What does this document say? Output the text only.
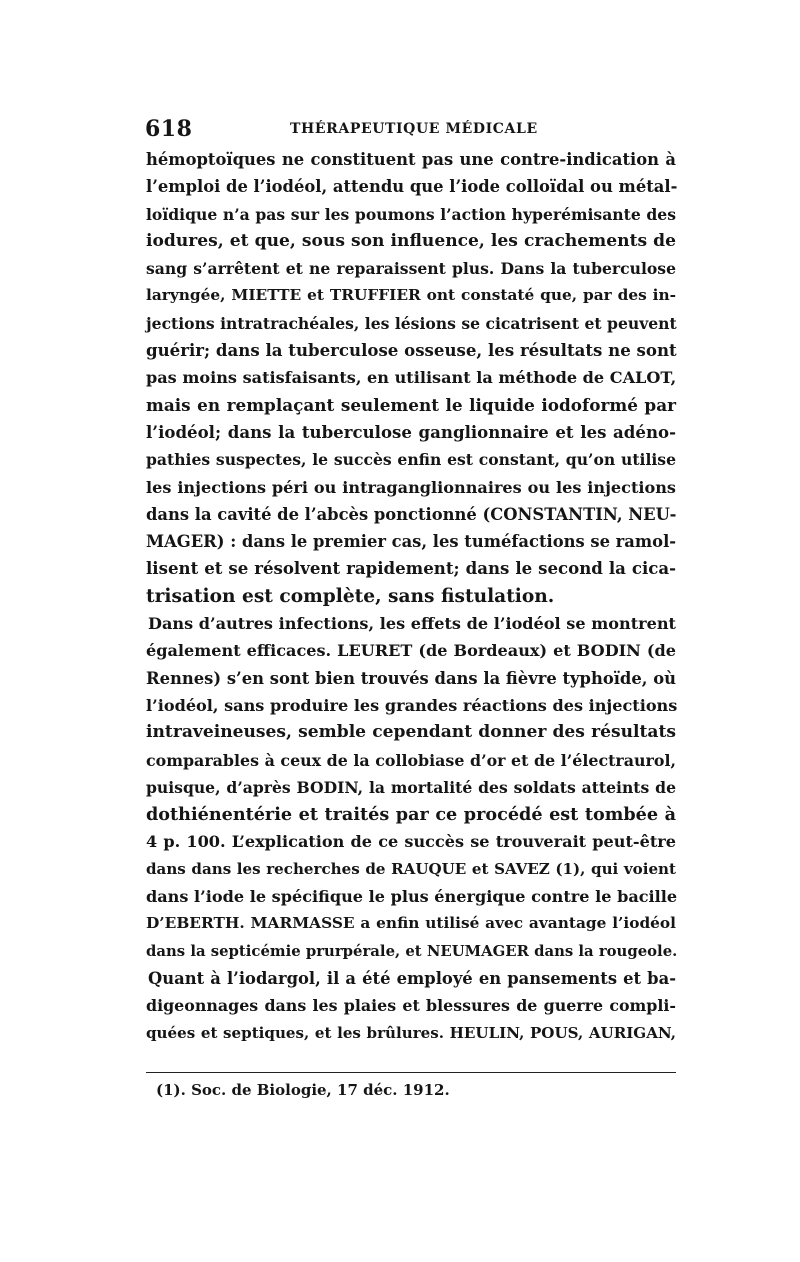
618	THÉRAPEUTIQUE MÉDICALE
hémoptoïques ne constituent pas une contre-indication à
l’emploi de l’iodéol, attendu que l’iode colloïdal ou métal-
loïdique n’a pas sur les poumons l’action hyperémisante des
iodures, et que, sous son influence, les crachements de
sang s’arrêtent et ne reparaissent plus. Dans la tuberculose
laryngée, MIETTE et TRUFFIER ont constaté que, par des in-
jections intratrachéales, les lésions se cicatrisent et peuvent
guérir; dans la tuberculose osseuse, les résultats ne sont
pas moins satisfaisants, en utilisant la méthode de CALOT,
mais en remplaçant seulement le liquide iodoformé par
l’iodéol; dans la tuberculose ganglionnaire et les adéno-
pathies suspectes, le succès enfin est constant, qu’on utilise
les injections péri ou intraganglionnaires ou les injections
dans la cavité de l’abcès ponctionné (CONSTANTIN, NEU-
MAGER) : dans le premier cas, les tuméfactions se ramol-
lisent et se résolvent rapidement; dans le second la cica-
trisation est complète, sans fistulation.
Dans d’autres infections, les effets de l’iodéol se montrent
également efficaces. LEURET (de Bordeaux) et BODIN (de
Rennes) s’en sont bien trouvés dans la fièvre typhoïde, où
l’iodéol, sans produire les grandes réactions des injections
intraveineuses, semble cependant donner des résultats
comparables à ceux de la collobiase d’or et de l’électraurol,
puisque, d’après BODIN, la mortalité des soldats atteints de
dothiénentérie et traités par ce procédé est tombée à
4 p. 100. L’explication de ce succès se trouverait peut-être
dans dans les recherches de RAUQUE et SAVEZ (1), qui voient
dans l’iode le spécifique le plus énergique contre le bacille
D’EBERTH. MARMASSE a enfin utilisé avec avantage l’iodéol
dans la septicémie prurpérale, et NEUMAGER dans la rougeole.
Quant à l’iodargol, il a été employé en pansements et ba-
digeonnages dans les plaies et blessures de guerre compli-
quées et septiques, et les brûlures. HEULIN, POUS, AURIGAN,
(1). Soc. de Biologie, 17 déc. 1912.
